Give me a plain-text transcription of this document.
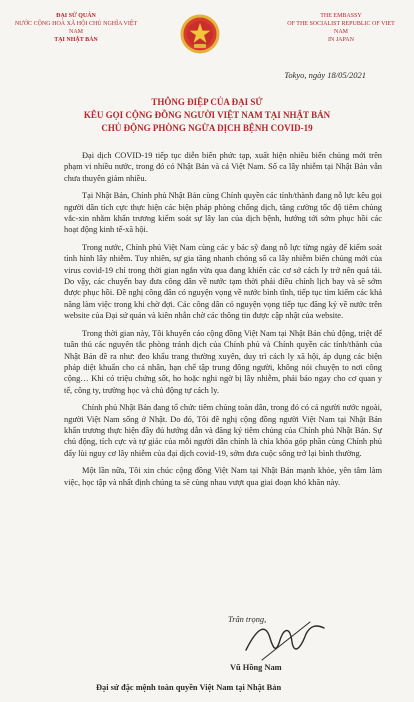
ĐẠI SỨ QUÁN
NƯỚC CỘNG HOÀ XÃ HỘI CHỦ NGHĨA VIỆT NAM
TẠI NHẬT BẢN
THE EMBASSY
OF THE SOCIALIST REPUBLIC OF VIET NAM
IN JAPAN
Tokyo, ngày 18/05/2021
THÔNG ĐIỆP CỦA ĐẠI SỨ
KÊU GỌI CỘNG ĐỒNG NGƯỜI VIỆT NAM TẠI NHẬT BẢN
CHỦ ĐỘNG PHÒNG NGỪA DỊCH BỆNH COVID-19

Đại dịch COVID-19 tiếp tục diễn biến phức tạp, xuất hiện nhiều biến chủng mới trên phạm vi nhiều nước, trong đó có Nhật Bản và cả Việt Nam. Số ca lây nhiễm tại Nhật Bản vẫn chưa thuyên giảm nhiều.

Tại Nhật Bản, Chính phủ Nhật Bản cùng Chính quyền các tỉnh/thành đang nỗ lực kêu gọi người dân tích cực thực hiện các biện pháp phòng chống dịch, tăng cường tốc độ tiêm chủng vắc-xin nhằm khẩn trương kiểm soát sự lây lan của dịch bệnh, hướng tới sớm phục hồi các hoạt động kinh tế-xã hội.

Trong nước, Chính phủ Việt Nam cùng các y bác sỹ đang nỗ lực từng ngày để kiểm soát tình hình lây nhiễm. Tuy nhiên, sự gia tăng nhanh chóng số ca lây nhiễm biến chủng mới của virus covid-19 chỉ trong thời gian ngắn vừa qua đang khiến các cơ sở cách ly trở nên quá tải. Do vậy, các chuyến bay đưa công dân về nước tạm thời phải điều chỉnh lịch bay và sẽ sớm được phục hồi. Đề nghị công dân có nguyện vọng về nước bình tĩnh, tiếp tục tìm kiếm các khả năng làm việc trong khi chờ đợi. Các công dân có nguyện vọng tiếp tục đăng ký về nước trên website của Đại sứ quán và kiên nhẫn chờ các thông tin được cập nhật của website.

Trong thời gian này, Tôi khuyến cáo cộng đồng Việt Nam tại Nhật Bản chủ động, triệt để tuân thủ các nguyên tắc phòng tránh dịch của Chính phủ và Chính quyền các tỉnh/thành của Nhật Bản đề ra như: đeo khẩu trang thường xuyên, duy trì cách ly xã hội, áp dụng các biện pháp diệt khuẩn cho cá nhân, hạn chế tập trung đông người, không nói chuyện to nơi công cộng… Khi có triệu chứng sốt, ho hoặc nghi ngờ bị lây nhiễm, phải báo ngay cho cơ quan y tế, công ty, trường học và chủ động tự cách ly.

Chính phủ Nhật Bản đang tổ chức tiêm chủng toàn dân, trong đó có cả người nước ngoài, người Việt Nam sống ở Nhật. Do đó, Tôi đề nghị cộng đồng người Việt Nam tại Nhật Bản khẩn trương thực hiện đầy đủ hướng dẫn và đăng ký tiêm chủng của Chính phủ Nhật Bản. Sự chủ động, tích cực và tự giác của mỗi người dân chính là chìa khóa góp phần cùng Chính phủ đẩy lùi nguy cơ lây nhiễm của đại dịch covid-19, sớm đưa cuộc sống trở lại bình thường.

Một lần nữa, Tôi xin chúc cộng đồng Việt Nam tại Nhật Bản mạnh khỏe, yên tâm làm việc, học tập và nhất định chúng ta sẽ cùng nhau vượt qua giai đoạn khó khăn này.

Trân trọng,
Vũ Hồng Nam
Đại sứ đặc mệnh toàn quyền Việt Nam tại Nhật Bản
